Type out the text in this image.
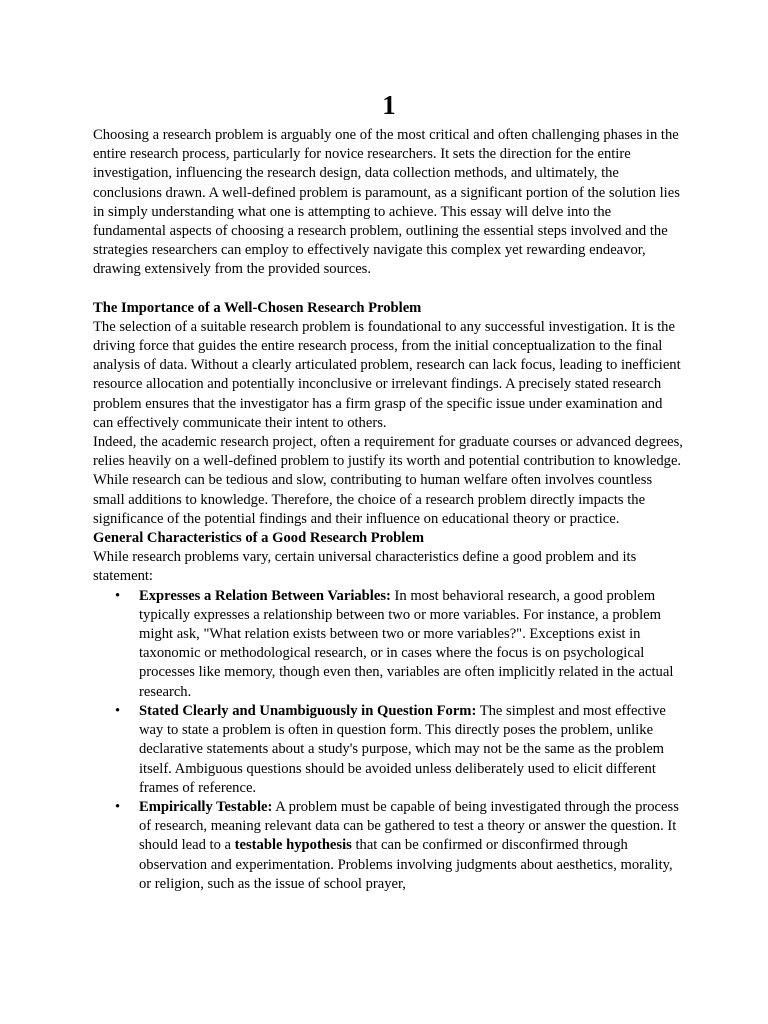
1

Choosing a research problem is arguably one of the most critical and often challenging phases in the entire research process, particularly for novice researchers. It sets the direction for the entire investigation, influencing the research design, data collection methods, and ultimately, the conclusions drawn. A well-defined problem is paramount, as a significant portion of the solution lies in simply understanding what one is attempting to achieve. This essay will delve into the fundamental aspects of choosing a research problem, outlining the essential steps involved and the strategies researchers can employ to effectively navigate this complex yet rewarding endeavor, drawing extensively from the provided sources.

The Importance of a Well-Chosen Research Problem

The selection of a suitable research problem is foundational to any successful investigation. It is the driving force that guides the entire research process, from the initial conceptualization to the final analysis of data. Without a clearly articulated problem, research can lack focus, leading to inefficient resource allocation and potentially inconclusive or irrelevant findings. A precisely stated research problem ensures that the investigator has a firm grasp of the specific issue under examination and can effectively communicate their intent to others.

Indeed, the academic research project, often a requirement for graduate courses or advanced degrees, relies heavily on a well-defined problem to justify its worth and potential contribution to knowledge. While research can be tedious and slow, contributing to human welfare often involves countless small additions to knowledge. Therefore, the choice of a research problem directly impacts the significance of the potential findings and their influence on educational theory or practice.

General Characteristics of a Good Research Problem

While research problems vary, certain universal characteristics define a good problem and its statement:

• Expresses a Relation Between Variables: In most behavioral research, a good problem typically expresses a relationship between two or more variables. For instance, a problem might ask, "What relation exists between two or more variables?". Exceptions exist in taxonomic or methodological research, or in cases where the focus is on psychological processes like memory, though even then, variables are often implicitly related in the actual research.
• Stated Clearly and Unambiguously in Question Form: The simplest and most effective way to state a problem is often in question form. This directly poses the problem, unlike declarative statements about a study's purpose, which may not be the same as the problem itself. Ambiguous questions should be avoided unless deliberately used to elicit different frames of reference.
• Empirically Testable: A problem must be capable of being investigated through the process of research, meaning relevant data can be gathered to test a theory or answer the question. It should lead to a testable hypothesis that can be confirmed or disconfirmed through observation and experimentation. Problems involving judgments about aesthetics, morality, or religion, such as the issue of school prayer,
